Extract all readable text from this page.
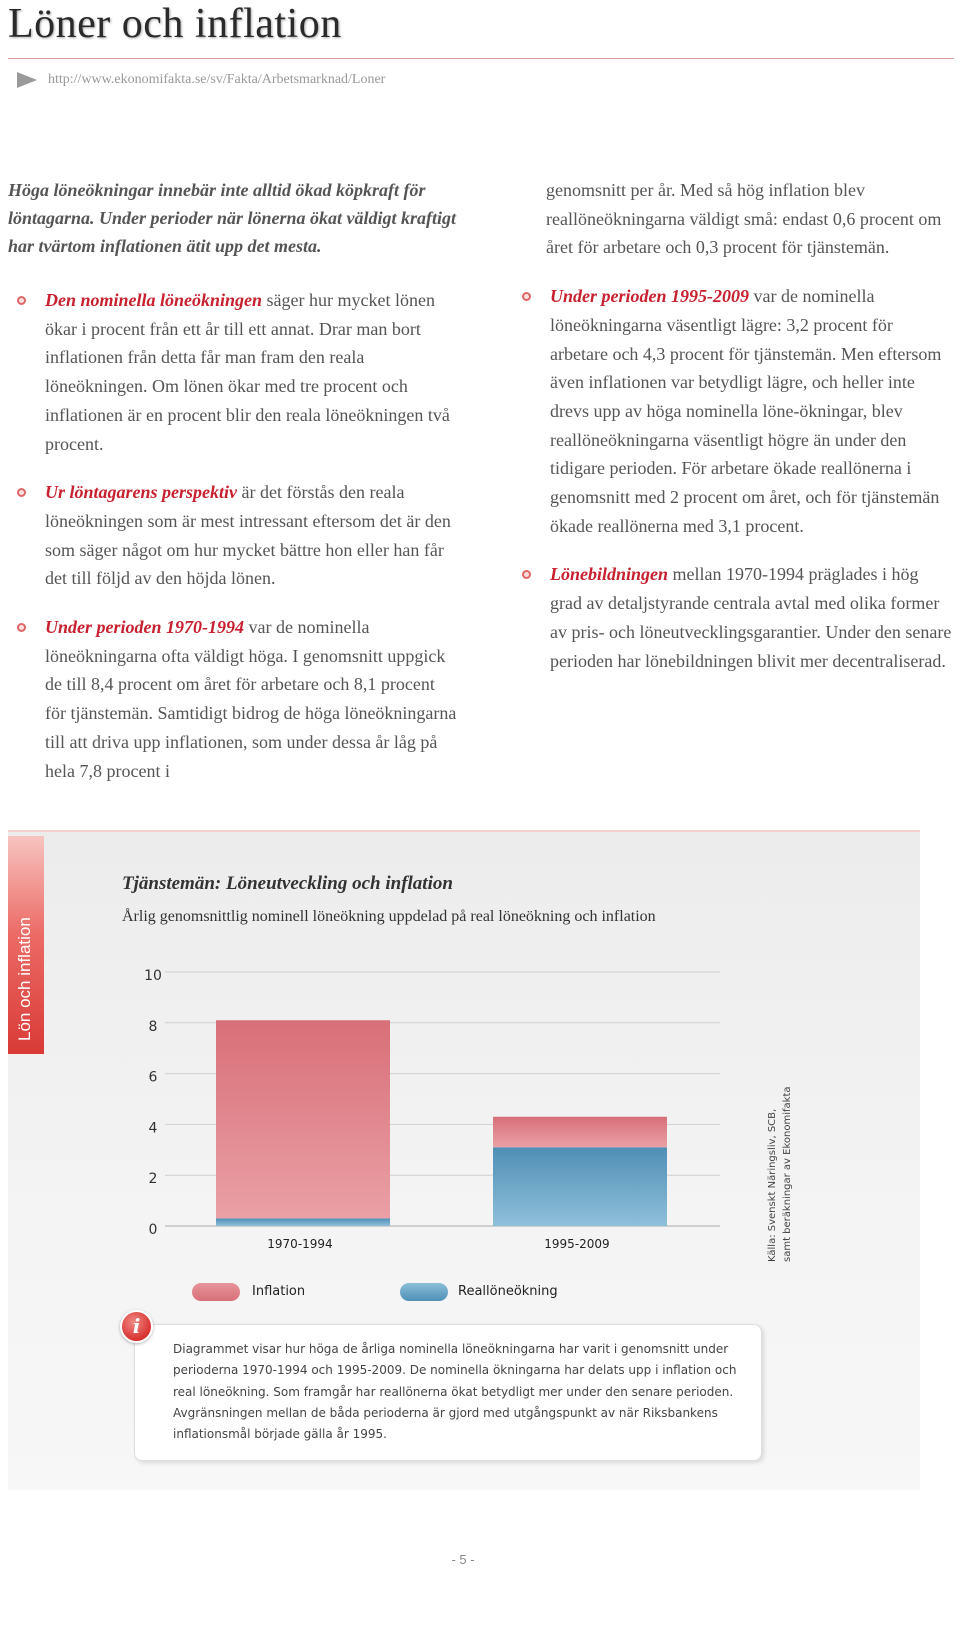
Löner och inflation
http://www.ekonomifakta.se/sv/Fakta/Arbetsmarknad/Loner
Höga löneökningar innebär inte alltid ökad köpkraft för löntagarna. Under perioder när lönerna ökat väldigt kraftigt har tvärtom inflationen ätit upp det mesta.
Den nominella löneökningen säger hur mycket lönen ökar i procent från ett år till ett annat. Drar man bort inflationen från detta får man fram den reala löneökningen. Om lönen ökar med tre procent och inflationen är en procent blir den reala löneökningen två procent.
Ur löntagarens perspektiv är det förstås den reala löneökningen som är mest intressant eftersom det är den som säger något om hur mycket bättre hon eller han får det till följd av den höjda lönen.
Under perioden 1970-1994 var de nominella löneökningarna ofta väldigt höga. I genomsnitt uppgick de till 8,4 procent om året för arbetare och 8,1 procent för tjänstemän. Samtidigt bidrog de höga löneökningarna till att driva upp inflationen, som under dessa år låg på hela 7,8 procent i
genomsnitt per år. Med så hög inflation blev reallöneökningarna väldigt små: endast 0,6 procent om året för arbetare och 0,3 procent för tjänstemän.
Under perioden 1995-2009 var de nominella löneökningarna väsentligt lägre: 3,2 procent för arbetare och 4,3 procent för tjänstemän. Men eftersom även inflationen var betydligt lägre, och heller inte drevs upp av höga nominella löne-ökningar, blev reallöneökningarna väsentligt högre än under den tidigare perioden. För arbetare ökade reallönerna i genomsnitt med 2 procent om året, och för tjänstemän ökade reallönerna med 3,1 procent.
Lönebildningen mellan 1970-1994 präglades i hög grad av detaljstyrande centrala avtal med olika former av pris- och löneutvecklingsgarantier. Under den senare perioden har lönebildningen blivit mer decentraliserad.
Lön och inflation
Tjänstemän: Löneutveckling och inflation
Årlig genomsnittlig nominell löneökning uppdelad på real löneökning och inflation
0
2
4
6
8
10
1970-1994	1995-2009	Källa: Svenskt Näringsliv, SCB, samt beräkningar av Ekonomifakta
Inflation	Reallöneökning
Diagrammet visar hur höga de årliga nominella löneökningarna har varit i genomsnitt under perioderna 1970-1994 och 1995-2009. De nominella ökningarna har delats upp i inflation och real löneökning. Som framgår har reallönerna ökat betydligt mer under den senare perioden. Avgränsningen mellan de båda perioderna är gjord med utgångspunkt av när Riksbankens inflationsmål började gälla år 1995.
i
- 5 -
